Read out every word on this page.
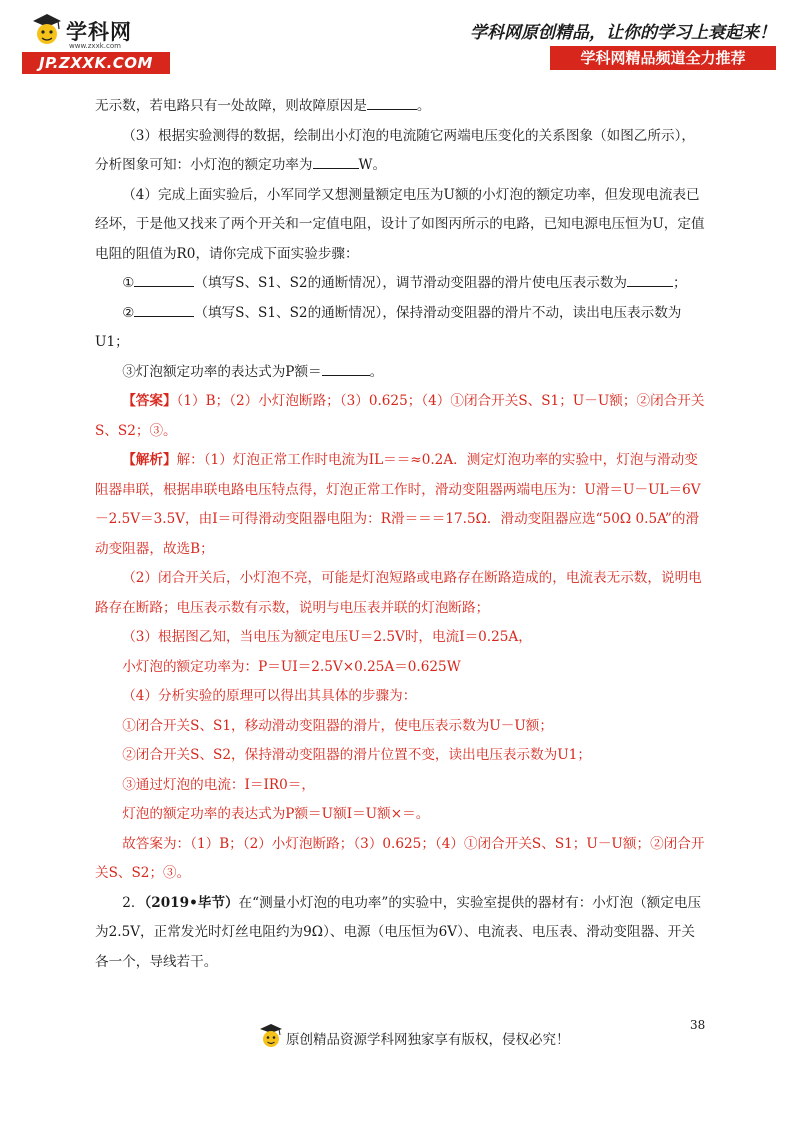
学科网
www.zxxk.com
JP.ZXXK.COM
学科网原创精品，让你的学习上衰起来！
学科网精品频道全力推荐

无示数，若电路只有一处故障，则故障原因是	。

（3）根据实验测得的数据，绘制出小灯泡的电流随它两端电压变化的关系图象（如图乙所示），分析图象可知：小灯泡的额定功率为	W。

（4）完成上面实验后，小军同学又想测量额定电压为U额的小灯泡的额定功率，但发现电流表已经坏，于是他又找来了两个开关和一定值电阻，设计了如图丙所示的电路，已知电源电压恒为U，定值电阻的阻值为R0，请你完成下面实验步骤：

①	（填写S、S1、S2的通断情况），调节滑动变阻器的滑片使电压表示数为	；

②	（填写S、S1、S2的通断情况），保持滑动变阻器的滑片不动，读出电压表示数为U1；

③灯泡额定功率的表达式为P额＝	。

【答案】（1）B；（2）小灯泡断路；（3）0.625；（4）①闭合开关S、S1；U－U额；②闭合开关S、S2；③。

【解析】解：（1）灯泡正常工作时电流为IL＝＝≈0.2A．测定灯泡功率的实验中，灯泡与滑动变阻器串联，根据串联电路电压特点得，灯泡正常工作时，滑动变阻器两端电压为：U滑＝U－UL＝6V－2.5V＝3.5V，由I＝可得滑动变阻器电阻为：R滑＝＝＝17.5Ω．滑动变阻器应选“50Ω 0.5A”的滑动变阻器，故选B；

（2）闭合开关后，小灯泡不亮，可能是灯泡短路或电路存在断路造成的，电流表无示数，说明电路存在断路；电压表示数有示数，说明与电压表并联的灯泡断路；

（3）根据图乙知，当电压为额定电压U＝2.5V时，电流I＝0.25A，

小灯泡的额定功率为：P＝UI＝2.5V×0.25A＝0.625W

（4）分析实验的原理可以得出其具体的步骤为：

①闭合开关S、S1，移动滑动变阻器的滑片，使电压表示数为U－U额；

②闭合开关S、S2，保持滑动变阻器的滑片位置不变，读出电压表示数为U1；

③通过灯泡的电流：I＝IR0＝，

灯泡的额定功率的表达式为P额＝U额I＝U额×＝。

故答案为：（1）B；（2）小灯泡断路；（3）0.625；（4）①闭合开关S、S1；U－U额；②闭合开关S、S2；③。

2．（2019•毕节）在“测量小灯泡的电功率”的实验中，实验室提供的器材有：小灯泡（额定电压为2.5V，正常发光时灯丝电阻约为9Ω）、电源（电压恒为6V）、电流表、电压表、滑动变阻器、开关各一个，导线若干。

38
原创精品资源学科网独家享有版权，侵权必究！
